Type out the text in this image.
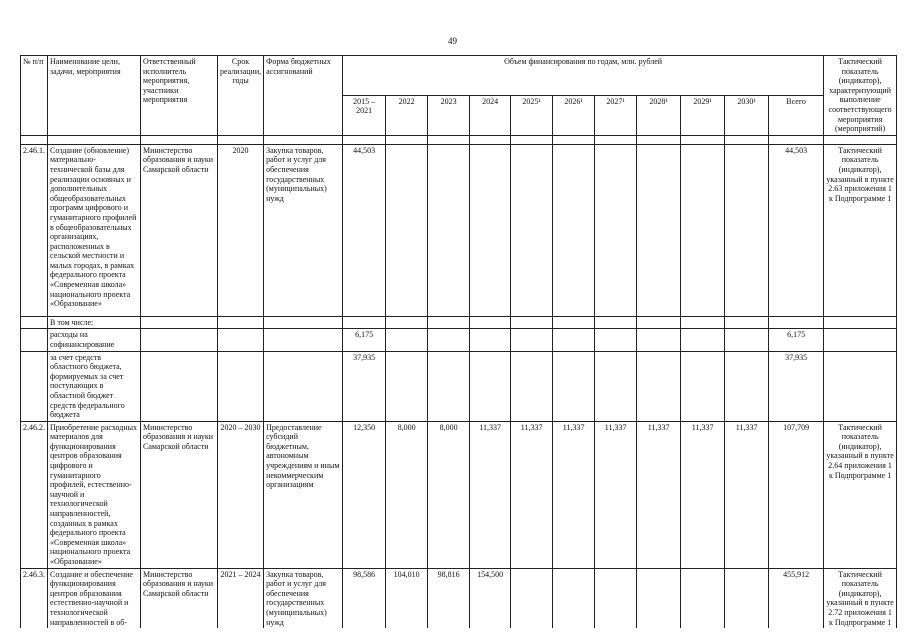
49
№ п/п	Наименование цели, задачи, мероприятия	Ответственный исполнитель мероприятия, участники мероприятия	Срок реализации, годы	Форма бюджетных ассигнований	Объем финансирования по годам, млн. рублей											Тактический показатель (индикатор), характеризующий выполнение соответствующего мероприятия (мероприятий)
					2015 – 2021	2022	2023	2024	2025¹	2026¹	2027¹	2028¹	2029¹	2030¹	Всего	

2.46.1.	Создание (обновление) материально-технической базы для реализации основных и дополнительных общеобразовательных программ цифрового и гуманитарного профилей в общеобразовательных организациях, расположенных в сельской местности и малых городах, в рамках федерального проекта «Современная школа» национального проекта «Образование»	Министерство образования и науки Самарской области	2020	Закупка товаров, работ и услуг для обеспечения государственных (муниципальных) нужд	44,503										44,503	Тактический показатель (индикатор), указанный в пункте 2.63 приложения 1 к Подпрограмме 1
	В том числе:															
	расходы на софинансирование				6,175										6,175	
	за счет средств областного бюджета, формируемых за счет поступающих в областной бюджет средств федерального бюджета				37,935										37,935	
2.46.2.	Приобретение расходных материалов для функционирования центров образования цифрового и гуманитарного профилей, естественно-научной и технологической направленностей, созданных в рамках федерального проекта «Современная школа» национального проекта «Образование»	Министерство образования и науки Самарской области	2020 – 2030	Предоставление субсидий бюджетным, автономным учреждениям и иным некоммерческим организациям	12,350	8,000	8,000	11,337	11,337	11,337	11,337	11,337	11,337	11,337	107,709	Тактический показатель (индикатор), указанный в пункте 2.64 приложения 1 к Подпрограмме 1
2.46.3.	Создание и обеспечение функционирования центров образования естественно-научной и технологической направленностей в об-	Министерство образования и науки Самарской области	2021 – 2024	Закупка товаров, работ и услуг для обеспечения государственных (муниципальных) нужд	98,586	104,010	98,816	154,500							455,912	Тактический показатель (индикатор), указанный в пункте 2.72 приложения 1 к Подпрограмме 1
